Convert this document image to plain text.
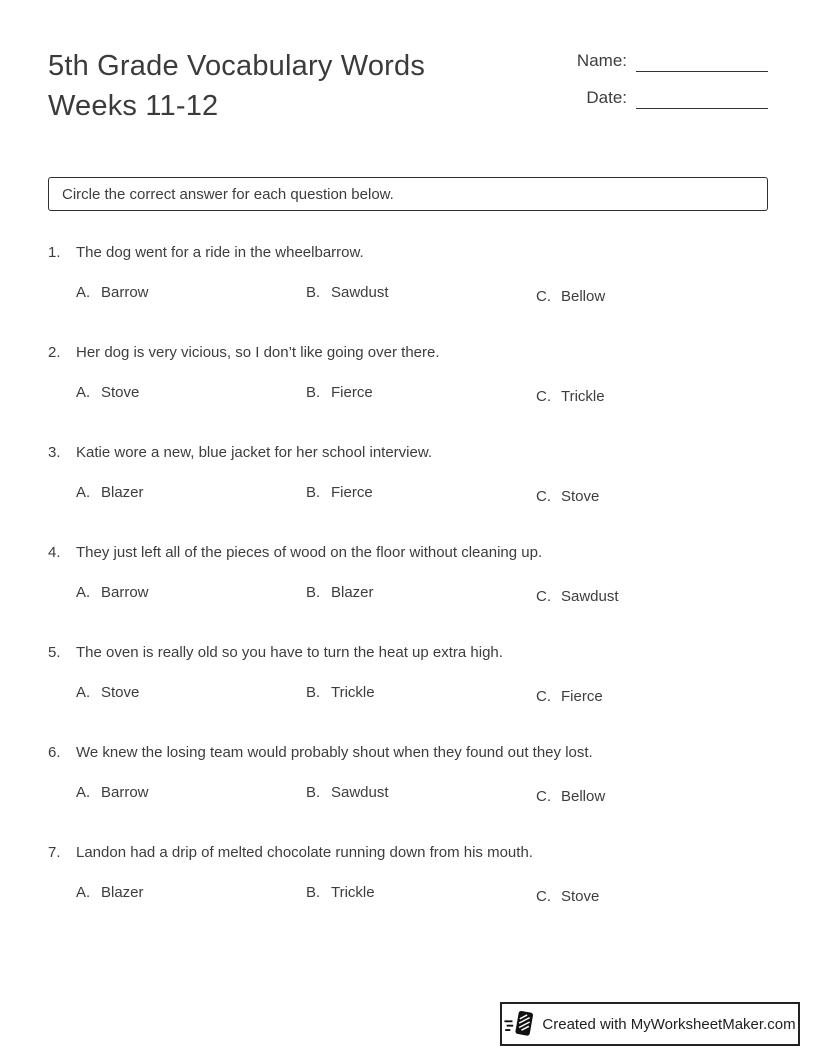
5th Grade Vocabulary Words
Weeks 11-12
Name:
Date:
Circle the correct answer for each question below.
1.	The dog went for a ride in the wheelbarrow.
A. Barrow	B. Sawdust	C. Bellow
2.	Her dog is very vicious, so I don’t like going over there.
A. Stove	B. Fierce	C. Trickle
3.	Katie wore a new, blue jacket for her school interview.
A. Blazer	B. Fierce	C. Stove
4.	They just left all of the pieces of wood on the floor without cleaning up.
A. Barrow	B. Blazer	C. Sawdust
5.	The oven is really old so you have to turn the heat up extra high.
A. Stove	B. Trickle	C. Fierce
6.	We knew the losing team would probably shout when they found out they lost.
A. Barrow	B. Sawdust	C. Bellow
7.	Landon had a drip of melted chocolate running down from his mouth.
A. Blazer	B. Trickle	C. Stove
Created with MyWorksheetMaker.com
